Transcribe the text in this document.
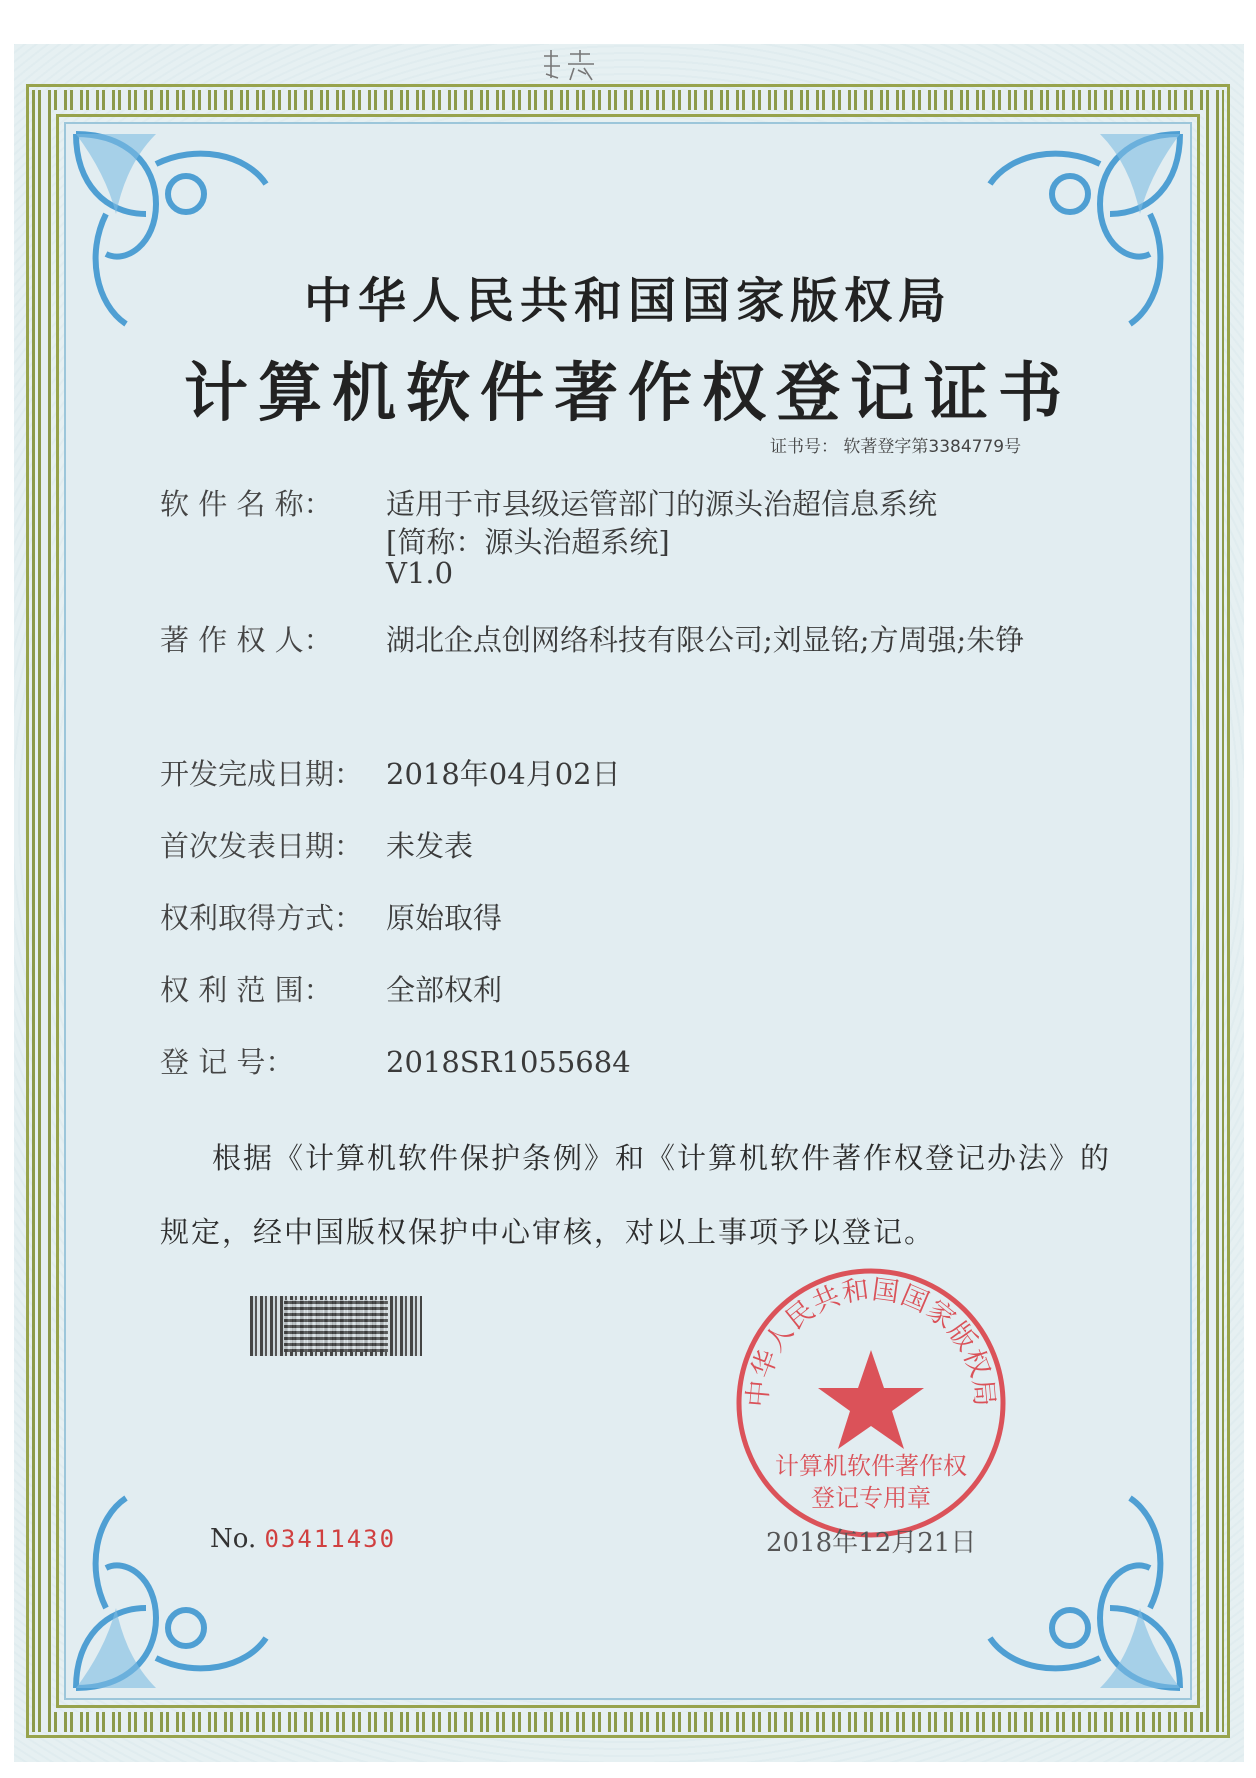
中华人民共和国国家版权局
计算机软件著作权登记证书
证书号： 软著登字第3384779号
软 件 名 称： 适用于市县级运管部门的源头治超信息系统
[简称：源头治超系统]
V1.0
著 作 权 人： 湖北企点创网络科技有限公司;刘显铭;方周强;朱铮
开发完成日期： 2018年04月02日
首次发表日期： 未发表
权利取得方式： 原始取得
权 利 范 围： 全部权利
登 记 号：	2018SR1055684
根据《计算机软件保护条例》和《计算机软件著作权登记办法》的
规定，经中国版权保护中心审核，对以上事项予以登记。
中华人民共和国国家版权局
计算机软件著作权
登记专用章
No. 03411430	2018年12月21日
